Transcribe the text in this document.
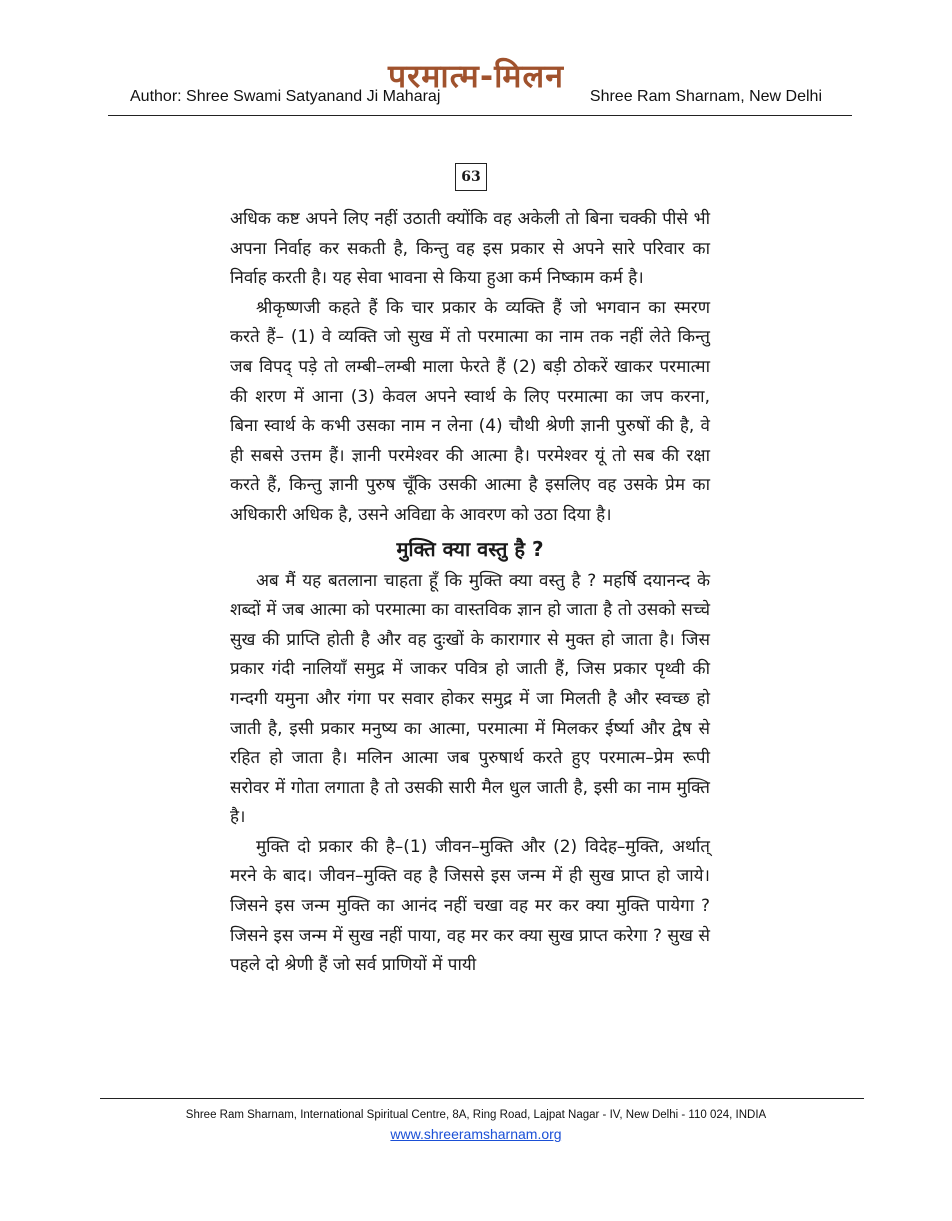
परमात्म-मिलन
Author: Shree Swami Satyanand Ji Maharaj	Shree Ram Sharnam, New Delhi
63

अधिक कष्ट अपने लिए नहीं उठाती क्योंकि वह अकेली तो बिना चक्की पीसे भी अपना निर्वाह कर सकती है, किन्तु वह इस प्रकार से अपने सारे परिवार का निर्वाह करती है। यह सेवा भावना से किया हुआ कर्म निष्काम कर्म है।

श्रीकृष्णजी कहते हैं कि चार प्रकार के व्यक्ति हैं जो भगवान का स्मरण करते हैं– (1) वे व्यक्ति जो सुख में तो परमात्मा का नाम तक नहीं लेते किन्तु जब विपद् पड़े तो लम्बी–लम्बी माला फेरते हैं (2) बड़ी ठोकरें खाकर परमात्मा की शरण में आना (3) केवल अपने स्वार्थ के लिए परमात्मा का जप करना, बिना स्वार्थ के कभी उसका नाम न लेना (4) चौथी श्रेणी ज्ञानी पुरुषों की है, वे ही सबसे उत्तम हैं। ज्ञानी परमेश्वर की आत्मा है। परमेश्वर यूं तो सब की रक्षा करते हैं, किन्तु ज्ञानी पुरुष चूँकि उसकी आत्मा है इसलिए वह उसके प्रेम का अधिकारी अधिक है, उसने अविद्या के आवरण को उठा दिया है।

मुक्ति क्या वस्तु है ?

अब मैं यह बतलाना चाहता हूँ कि मुक्ति क्या वस्तु है ? महर्षि दयानन्द के शब्दों में जब आत्मा को परमात्मा का वास्तविक ज्ञान हो जाता है तो उसको सच्चे सुख की प्राप्ति होती है और वह दुःखों के कारागार से मुक्त हो जाता है। जिस प्रकार गंदी नालियाँ समुद्र में जाकर पवित्र हो जाती हैं, जिस प्रकार पृथ्वी की गन्दगी यमुना और गंगा पर सवार होकर समुद्र में जा मिलती है और स्वच्छ हो जाती है, इसी प्रकार मनुष्य का आत्मा, परमात्मा में मिलकर ईर्ष्या और द्वेष से रहित हो जाता है। मलिन आत्मा जब पुरुषार्थ करते हुए परमात्म–प्रेम रूपी सरोवर में गोता लगाता है तो उसकी सारी मैल धुल जाती है, इसी का नाम मुक्ति है।

मुक्ति दो प्रकार की है–(1) जीवन–मुक्ति और (2) विदेह–मुक्ति, अर्थात् मरने के बाद। जीवन–मुक्ति वह है जिससे इस जन्म में ही सुख प्राप्त हो जाये। जिसने इस जन्म मुक्ति का आनंद नहीं चखा वह मर कर क्या मुक्ति पायेगा ? जिसने इस जन्म में सुख नहीं पाया, वह मर कर क्या सुख प्राप्त करेगा ? सुख से पहले दो श्रेणी हैं जो सर्व प्राणियों में पायी

Shree Ram Sharnam, International Spiritual Centre, 8A, Ring Road, Lajpat Nagar - IV, New Delhi - 110 024, INDIA
www.shreeramsharnam.org
